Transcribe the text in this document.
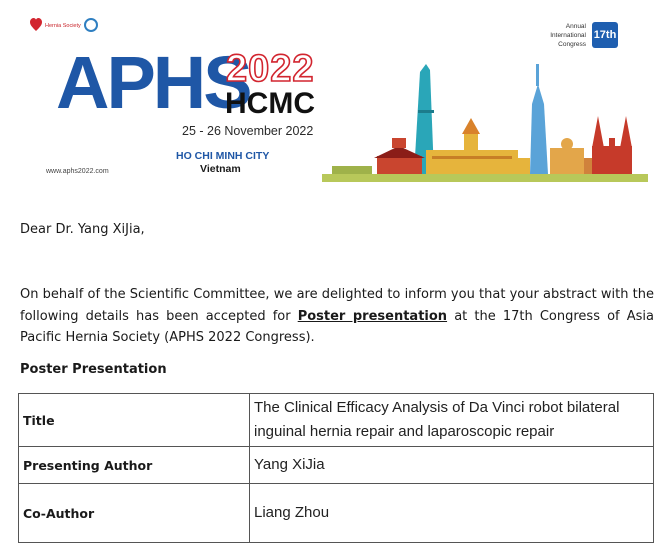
Hernia Society
APHS
2022
HCMC
25 - 26 November 2022
HO CHI MINH CITY
Vietnam
www.aphs2022.com
Annual
International
Congress
17th
Dear Dr. Yang XiJia,
On behalf of the Scientific Committee, we are delighted to inform you that your abstract with the following details has been accepted for Poster presentation at the 17th Congress of Asia Pacific Hernia Society (APHS 2022 Congress).
Poster Presentation
Title	The Clinical Efficacy Analysis of Da Vinci robot bilateral inguinal hernia repair and laparoscopic repair
Presenting Author	Yang XiJia
Co-Author	Liang Zhou
